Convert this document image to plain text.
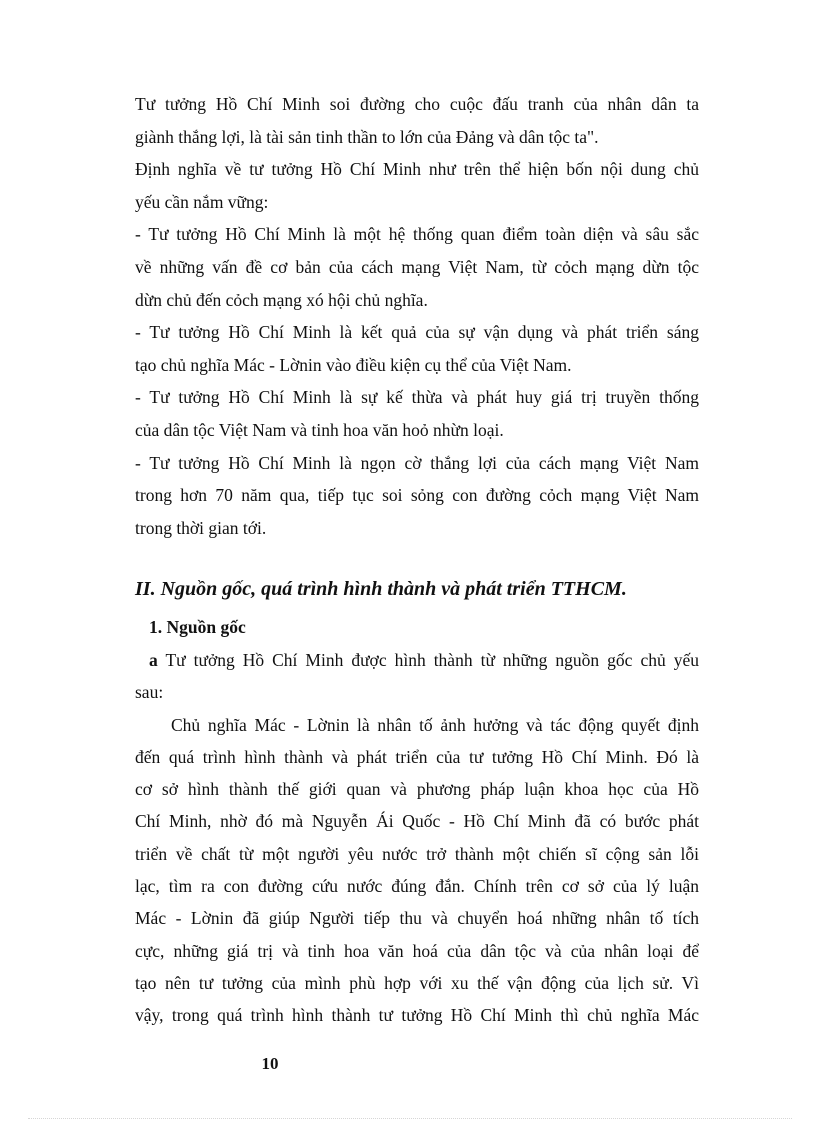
Tư tưởng Hồ Chí Minh soi đường cho cuộc đấu tranh của nhân dân ta
giành thắng lợi, là tài sản tinh thần to lớn của Đảng và dân tộc ta".
Định nghĩa về tư tưởng Hồ Chí Minh như trên thể hiện bốn nội dung chủ
yếu cần nắm vững:
- Tư tưởng Hồ Chí Minh là một hệ thống quan điểm toàn diện và sâu sắc
về những vấn đề cơ bản của cách mạng Việt Nam, từ cỏch mạng dừn tộc
dừn chủ đến cỏch mạng xó hội chủ nghĩa.
- Tư tưởng Hồ Chí Minh là kết quả của sự vận dụng và phát triển sáng
tạo chủ nghĩa Mác - Lờnin vào điều kiện cụ thể của Việt Nam.
- Tư tưởng Hồ Chí Minh là sự kế thừa và phát huy giá trị truyền thống
của dân tộc Việt Nam và tinh hoa văn hoỏ nhừn loại.
- Tư tưởng Hồ Chí Minh là ngọn cờ thắng lợi của cách mạng Việt Nam
trong hơn 70 năm qua, tiếp tục soi sỏng con đường cỏch mạng Việt Nam
trong thời gian tới.
II. Nguồn gốc, quá trình hình thành và phát triển TTHCM.
1. Nguồn gốc
a Tư tưởng Hồ Chí Minh được hình thành từ những nguồn gốc chủ yếu
sau:
Chủ nghĩa Mác - Lờnin là nhân tố ảnh hưởng và tác động quyết định
đến quá trình hình thành và phát triển của tư tưởng Hồ Chí Minh. Đó là
cơ sở hình thành thế giới quan và phương pháp luận khoa học của Hồ
Chí Minh, nhờ đó mà Nguyễn Ái Quốc - Hồ Chí Minh đã có bước phát
triển về chất từ một người yêu nước trở thành một chiến sĩ cộng sản lỗi
lạc, tìm ra con đường cứu nước đúng đắn. Chính trên cơ sở của lý luận
Mác - Lờnin đã giúp Người tiếp thu và chuyển hoá những nhân tố tích
cực, những giá trị và tinh hoa văn hoá của dân tộc và của nhân loại để
tạo nên tư tưởng của mình phù hợp với xu thế vận động của lịch sử. Vì
vậy, trong quá trình hình thành tư tưởng Hồ Chí Minh thì chủ nghĩa Mác
10
